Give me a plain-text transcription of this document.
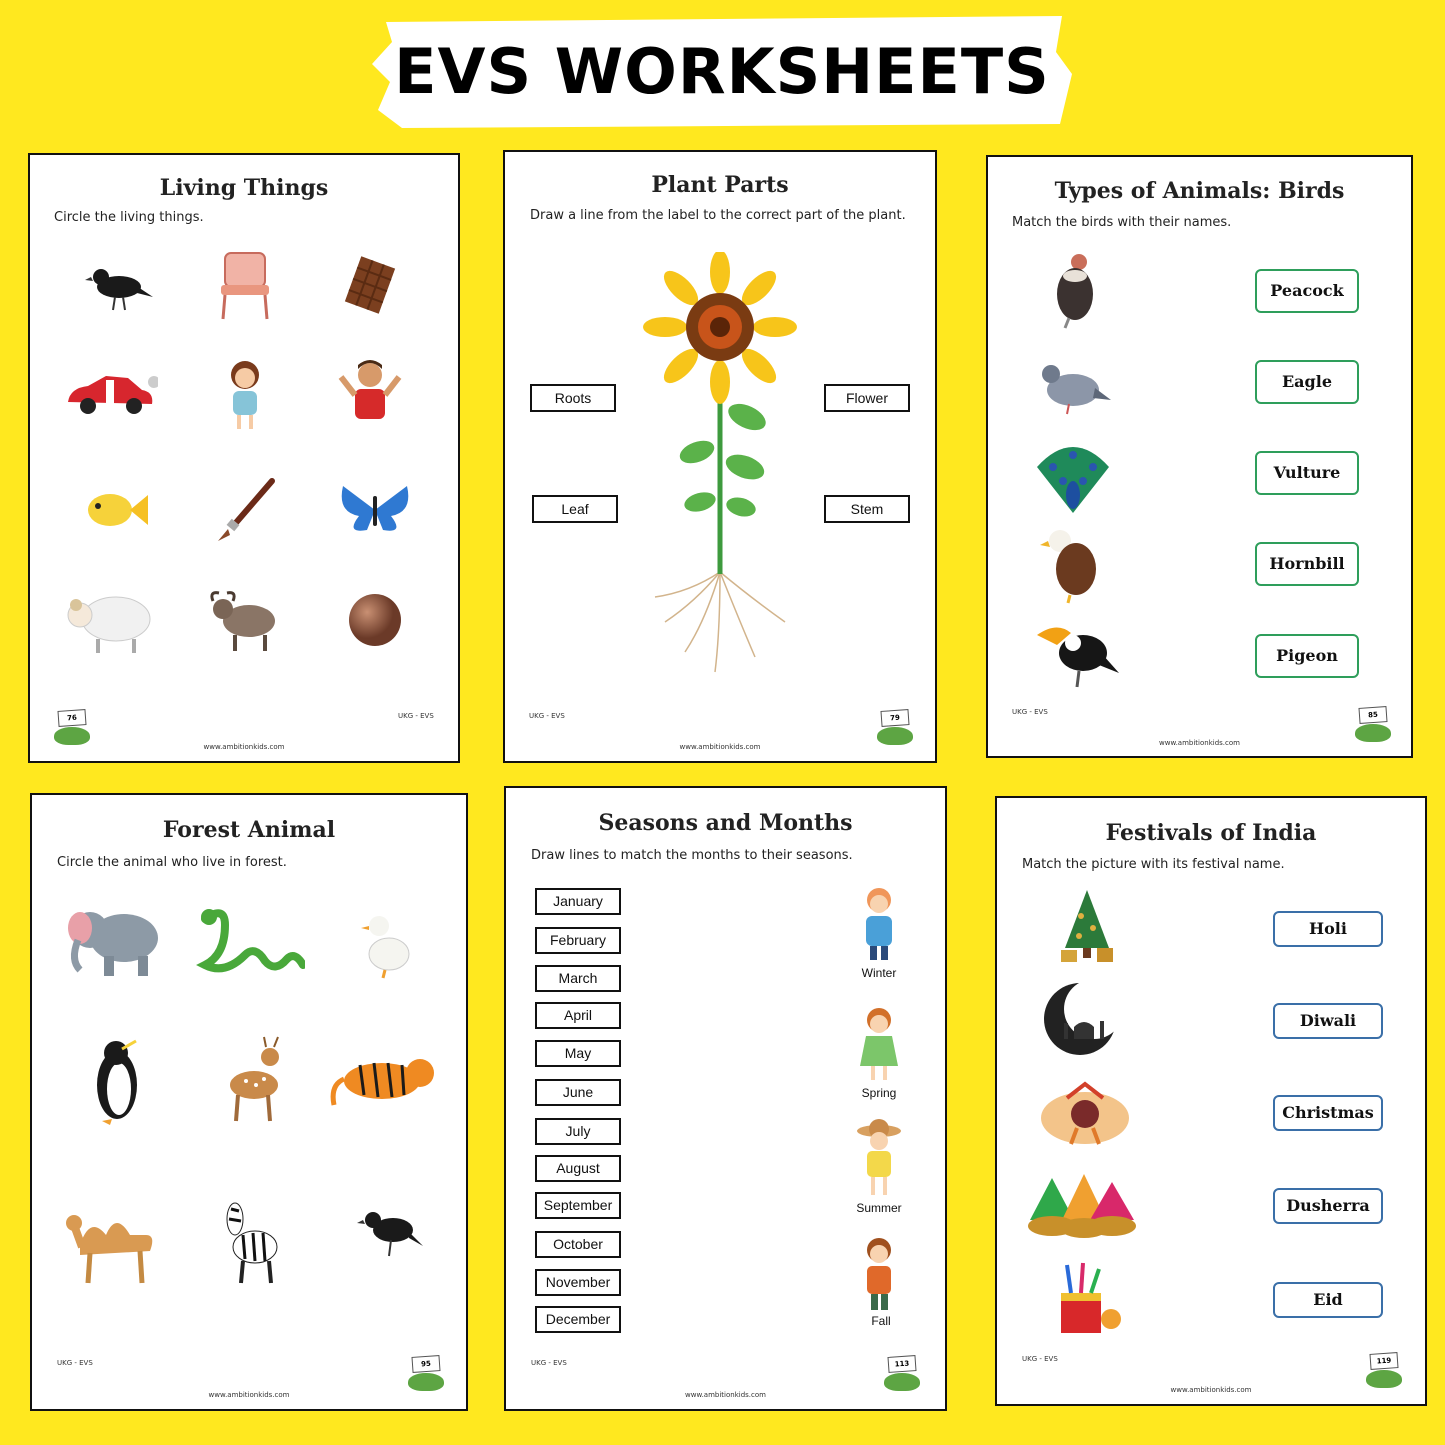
EVS WORKSHEETS
Living Things
Circle the living things.
76	UKG - EVS
www.ambitionkids.com
Plant Parts
Draw a line from the label to the correct part of the plant.
Roots	Flower
Leaf	Stem
UKG - EVS	79
www.ambitionkids.com
Types of Animals: Birds
Match the birds with their names.
Peacock
Eagle
Vulture
Hornbill
Pigeon
UKG - EVS	85
www.ambitionkids.com
Forest Animal
Circle the animal who live in forest.
UKG - EVS	95
www.ambitionkids.com
Seasons and Months
Draw lines to match the months to their seasons.
January
February
March
April
May
June
July
August
September
October
November
December
Winter
Spring
Summer
Fall
UKG - EVS	113
www.ambitionkids.com
Festivals of India
Match the picture with its festival name.
Holi
Diwali
Christmas
Dusherra
Eid
UKG - EVS	119
www.ambitionkids.com
